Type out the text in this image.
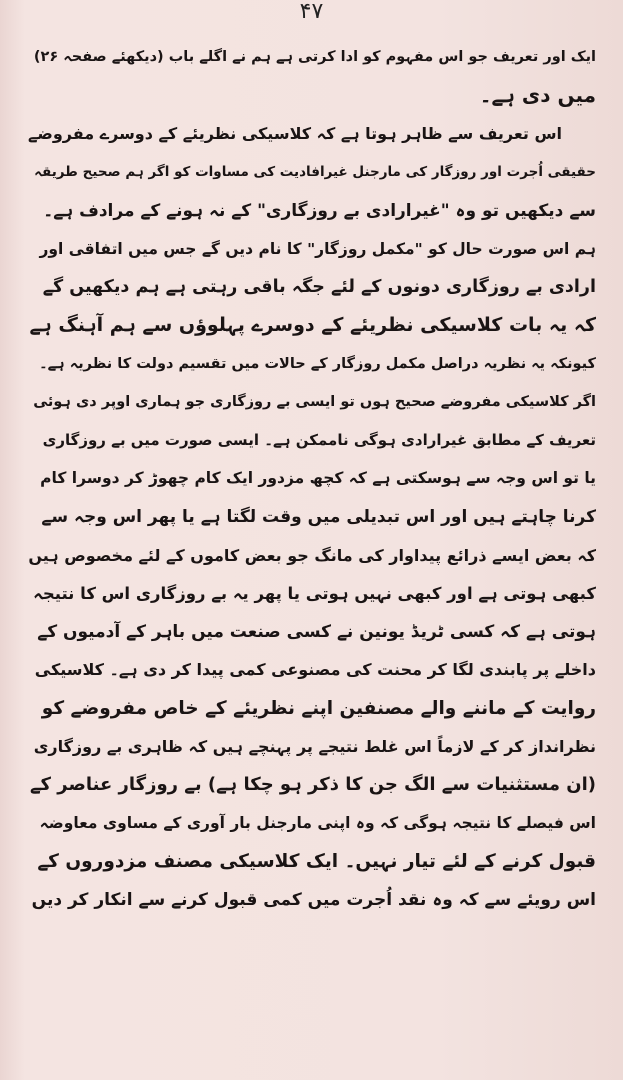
۴۷
ایک اور تعریف جو اس مفہوم کو ادا کرتی ہے ہم نے اگلے باب (دیکھئے صفحہ ۲۶)
میں دی ہے۔
اس تعریف سے ظاہر ہوتا ہے کہ کلاسیکی نظریئے کے دوسرے مفروضے
حقیقی اُجرت اور روزگار کی مارجنل غیرافادیت کی مساوات کو اگر ہم صحیح طریقہ
سے دیکھیں تو وہ "غیرارادی بے روزگاری" کے نہ ہونے کے مرادف ہے۔
ہم اس صورت حال کو "مکمل روزگار" کا نام دیں گے جس میں اتفاقی اور
ارادی بے روزگاری دونوں کے لئے جگہ باقی رہتی ہے ہم دیکھیں گے
کہ یہ بات کلاسیکی نظریئے کے دوسرے پہلوؤں سے ہم آہنگ ہے
کیونکہ یہ نظریہ دراصل مکمل روزگار کے حالات میں تقسیم دولت کا نظریہ ہے۔
اگر کلاسیکی مفروضے صحیح ہوں تو ایسی بے روزگاری جو ہماری اوپر دی ہوئی
تعریف کے مطابق غیرارادی ہوگی ناممکن ہے۔ ایسی صورت میں بے روزگاری
یا تو اس وجہ سے ہوسکتی ہے کہ کچھ مزدور ایک کام چھوڑ کر دوسرا کام
کرنا چاہتے ہیں اور اس تبدیلی میں وقت لگتا ہے یا پھر اس وجہ سے
کہ بعض ایسے ذرائع پیداوار کی مانگ جو بعض کاموں کے لئے مخصوص ہیں
کبھی ہوتی ہے اور کبھی نہیں ہوتی یا پھر یہ بے روزگاری اس کا نتیجہ
ہوتی ہے کہ کسی ٹریڈ یونین نے کسی صنعت میں باہر کے آدمیوں کے
داخلے پر پابندی لگا کر محنت کی مصنوعی کمی پیدا کر دی ہے۔ کلاسیکی
روایت کے ماننے والے مصنفین اپنے نظریئے کے خاص مفروضے کو
نظرانداز کر کے لازماً اس غلط نتیجے پر پہنچے ہیں کہ ظاہری بے روزگاری
(ان مستثنیات سے الگ جن کا ذکر ہو چکا ہے) بے روزگار عناصر کے
اس فیصلے کا نتیجہ ہوگی کہ وہ اپنی مارجنل بار آوری کے مساوی معاوضہ
قبول کرنے کے لئے تیار نہیں۔ ایک کلاسیکی مصنف مزدوروں کے
اس رویئے سے کہ وہ نقد اُجرت میں کمی قبول کرنے سے انکار کر دیں
